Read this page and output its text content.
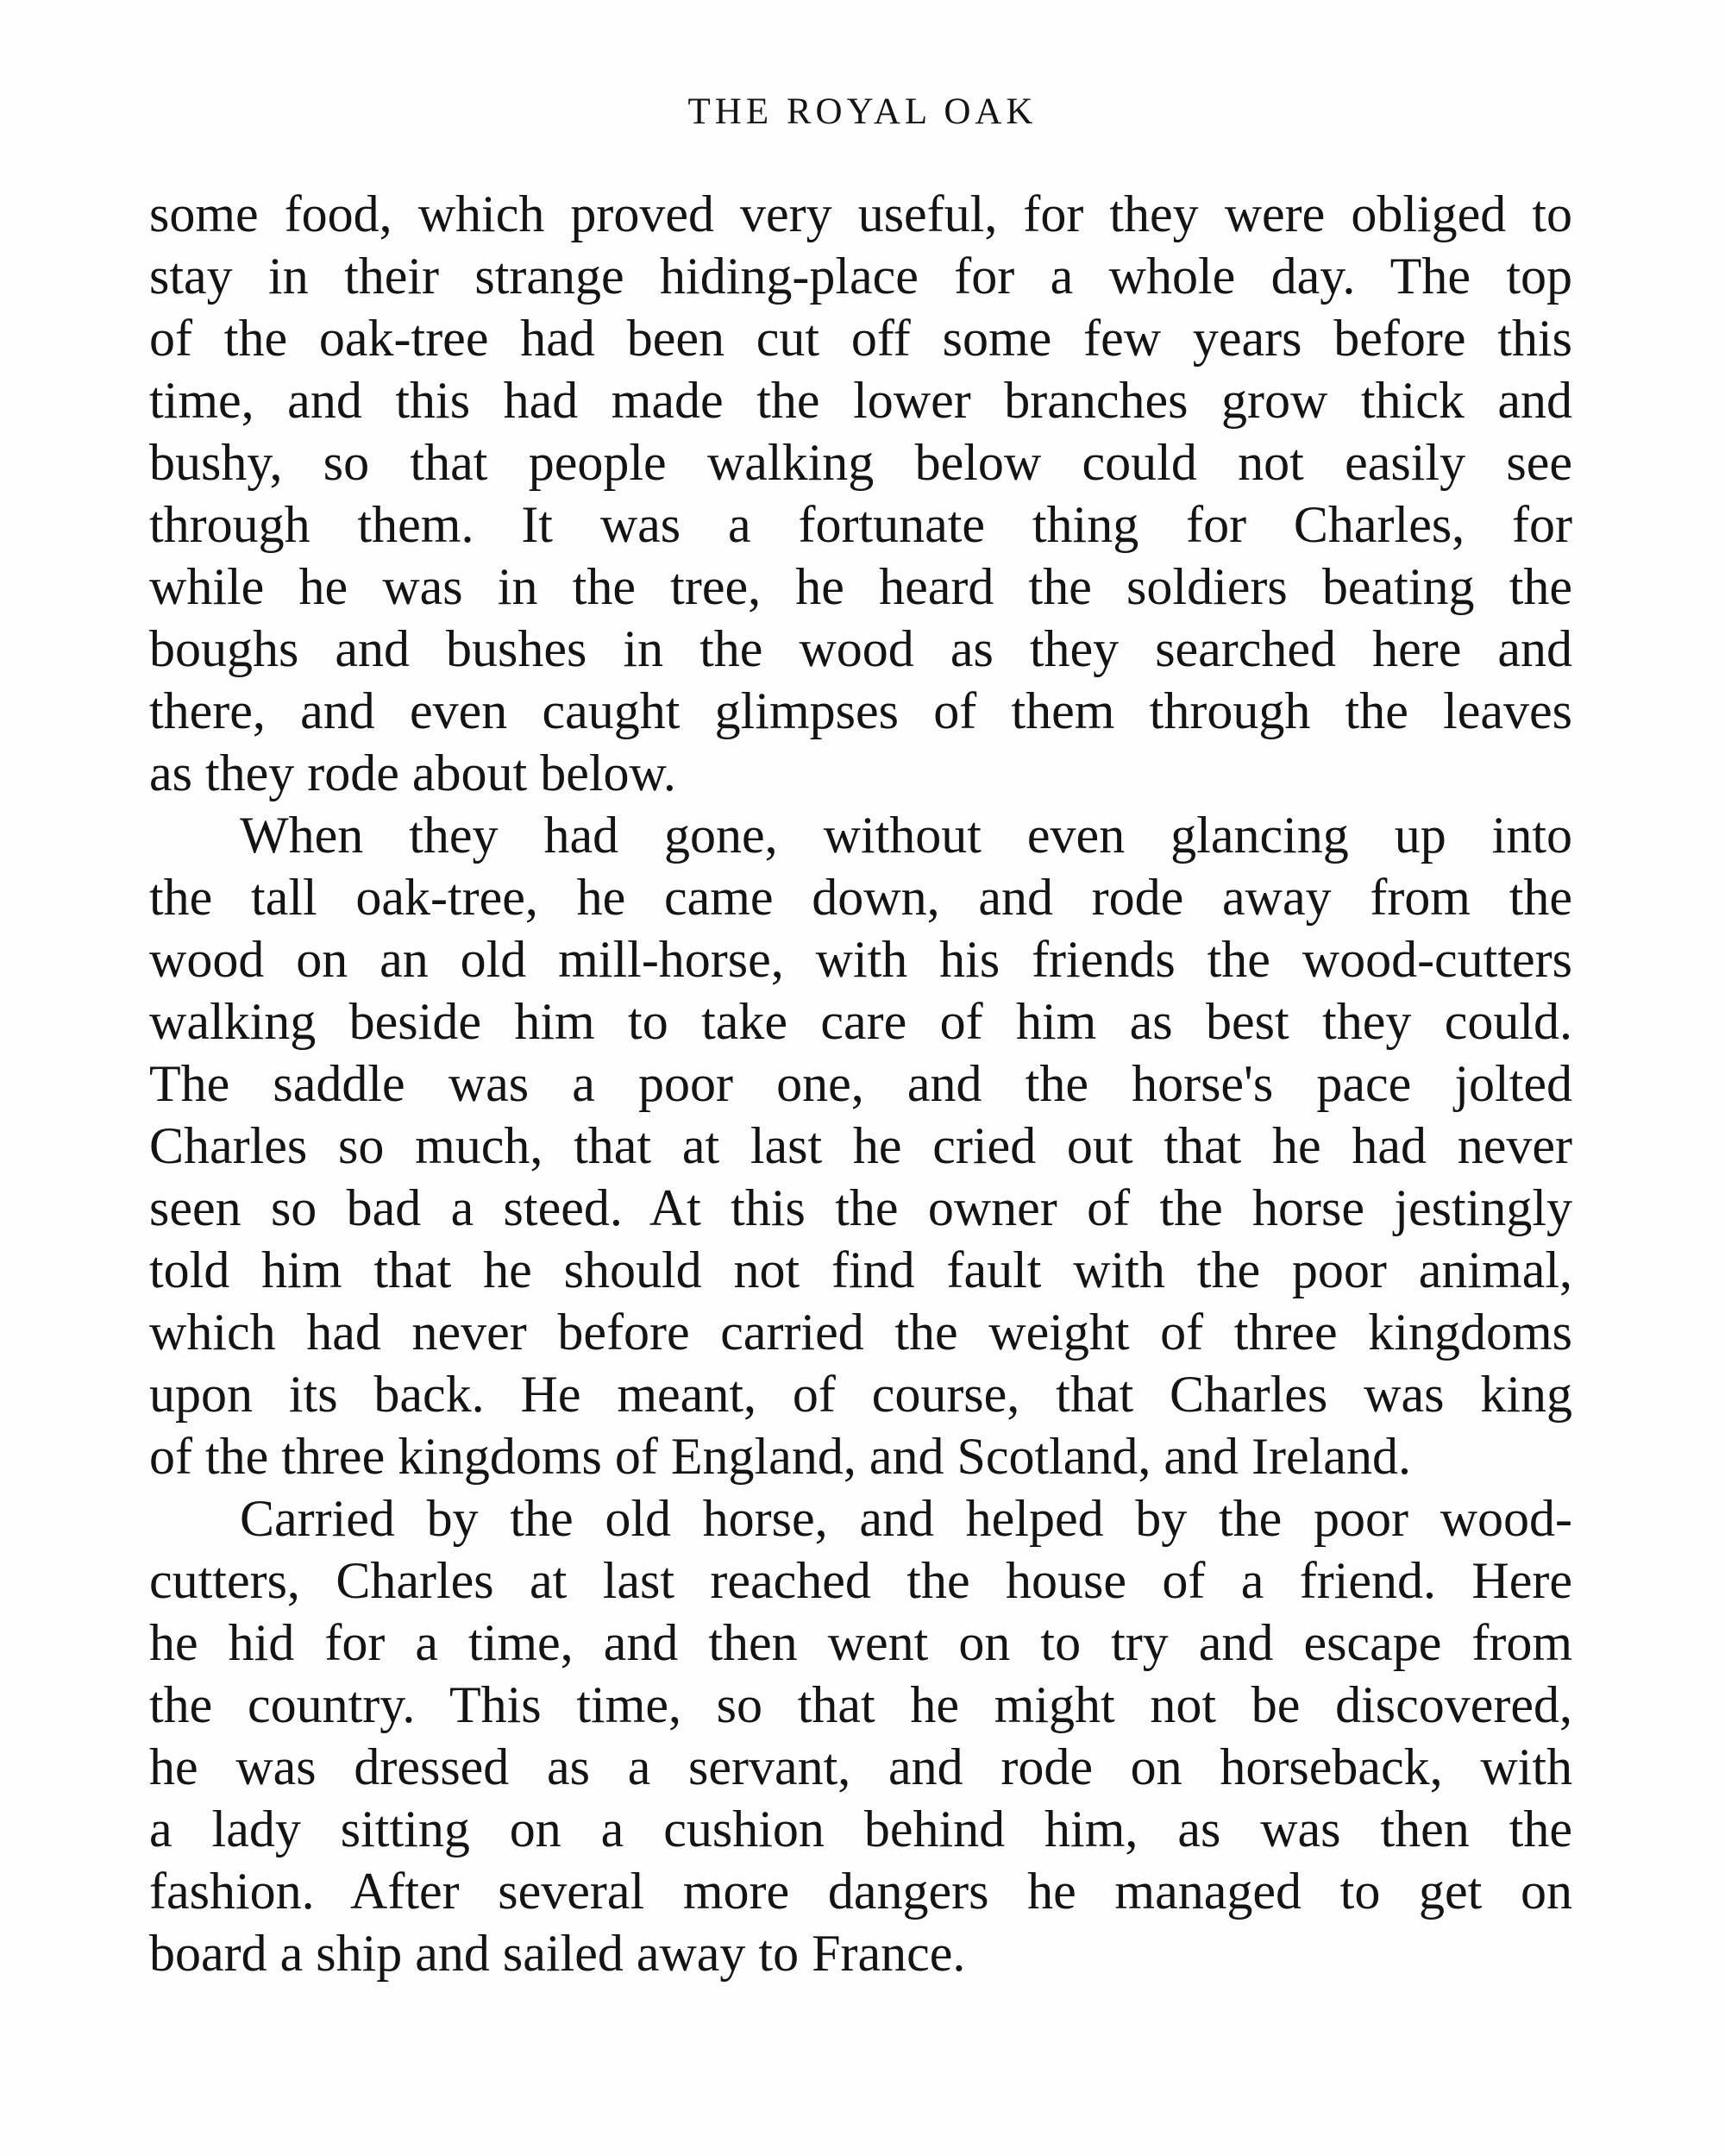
THE ROYAL OAK
some food, which proved very useful, for they were obliged to
stay in their strange hiding-place for a whole day. The top
of the oak-tree had been cut off some few years before this
time, and this had made the lower branches grow thick and
bushy, so that people walking below could not easily see
through them. It was a fortunate thing for Charles, for
while he was in the tree, he heard the soldiers beating the
boughs and bushes in the wood as they searched here and
there, and even caught glimpses of them through the leaves
as they rode about below.
When they had gone, without even glancing up into
the tall oak-tree, he came down, and rode away from the
wood on an old mill-horse, with his friends the wood-cutters
walking beside him to take care of him as best they could.
The saddle was a poor one, and the horse's pace jolted
Charles so much, that at last he cried out that he had never
seen so bad a steed. At this the owner of the horse jestingly
told him that he should not find fault with the poor animal,
which had never before carried the weight of three kingdoms
upon its back. He meant, of course, that Charles was king
of the three kingdoms of England, and Scotland, and Ireland.
Carried by the old horse, and helped by the poor wood-
cutters, Charles at last reached the house of a friend. Here
he hid for a time, and then went on to try and escape from
the country. This time, so that he might not be discovered,
he was dressed as a servant, and rode on horseback, with
a lady sitting on a cushion behind him, as was then the
fashion. After several more dangers he managed to get on
board a ship and sailed away to France.
